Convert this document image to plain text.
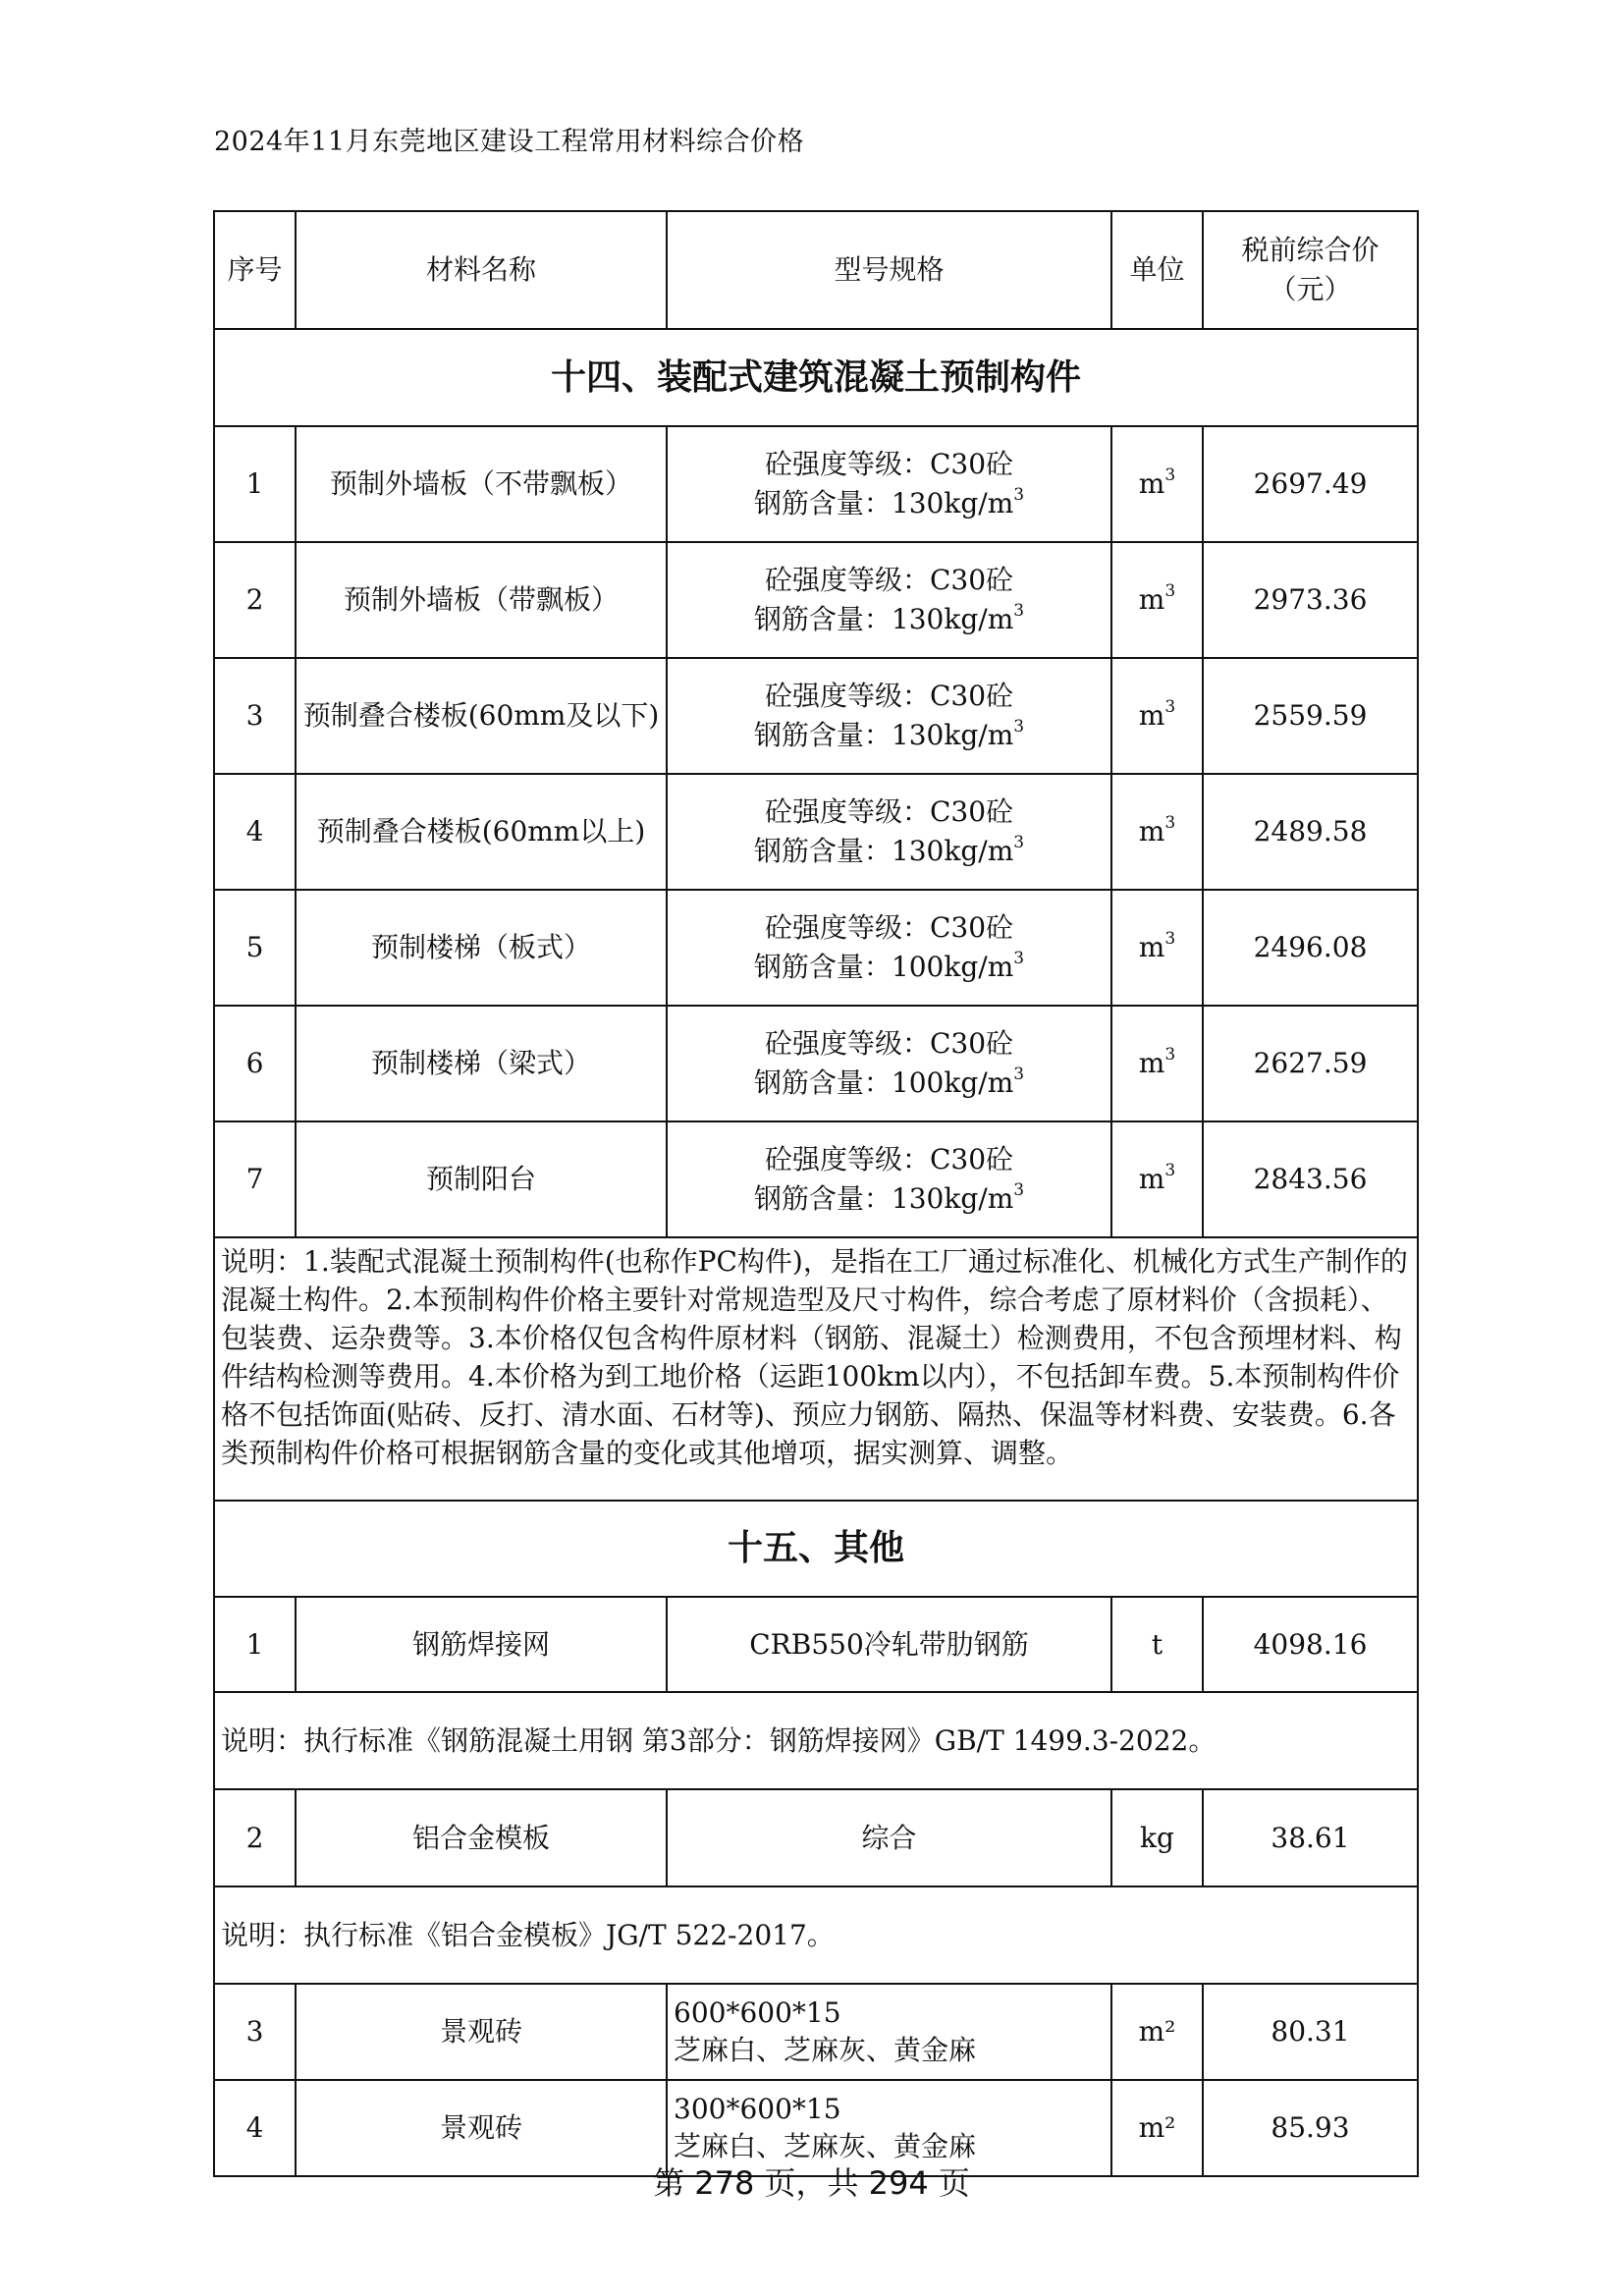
2024年11月东莞地区建设工程常用材料综合价格
序号	材料名称	型号规格	单位	税前综合价
（元）

十四、装配式建筑混凝土预制构件				
1	预制外墙板（不带飘板）	砼强度等级：C30砼
钢筋含量：$130kg/m^3$	$m^3$	2697.49
2	预制外墙板（带飘板）	砼强度等级：C30砼
钢筋含量：$130kg/m^3$	$m^3$	2973.36
3	预制叠合楼板(60mm及以下)	砼强度等级：C30砼
钢筋含量：$130kg/m^3$	$m^3$	2559.59
4	预制叠合楼板(60mm以上)	砼强度等级：C30砼
钢筋含量：$130kg/m^3$	$m^3$	2489.58
5	预制楼梯（板式）	砼强度等级：C30砼
钢筋含量：$100kg/m^3$	$m^3$	2496.08
6	预制楼梯（梁式）	砼强度等级：C30砼
钢筋含量：$100kg/m^3$	$m^3$	2627.59
7	预制阳台	砼强度等级：C30砼
钢筋含量：$130kg/m^3$	$m^3$	2843.56
说明：1.装配式混凝土预制构件(也称作PC构件)，是指在工厂通过标准化、机械化方式生产制作的混凝土构件。2.本预制构件价格主要针对常规造型及尺寸构件，综合考虑了原材料价（含损耗）、包装费、运杂费等。3.本价格仅包含构件原材料（钢筋、混凝土）检测费用，不包含预埋材料、构件结构检测等费用。4.本价格为到工地价格（运距100km以内），不包括卸车费。5.本预制构件价格不包括饰面(贴砖、反打、清水面、石材等)、预应力钢筋、隔热、保温等材料费、安装费。6.各类预制构件价格可根据钢筋含量的变化或其他增项，据实测算、调整。				
十五、其他				
1	钢筋焊接网	CRB550冷轧带肋钢筋	t	4098.16
说明：执行标准《钢筋混凝土用钢 第3部分：钢筋焊接网》GB/T 1499.3-2022。				
2	铝合金模板	综合	kg	38.61
说明：执行标准《铝合金模板》JG/T 522-2017。				
3	景观砖	600*600*15
芝麻白、芝麻灰、黄金麻	m²	80.31
4	景观砖	300*600*15
芝麻白、芝麻灰、黄金麻	m²	85.93
第 278 页，共 294 页
